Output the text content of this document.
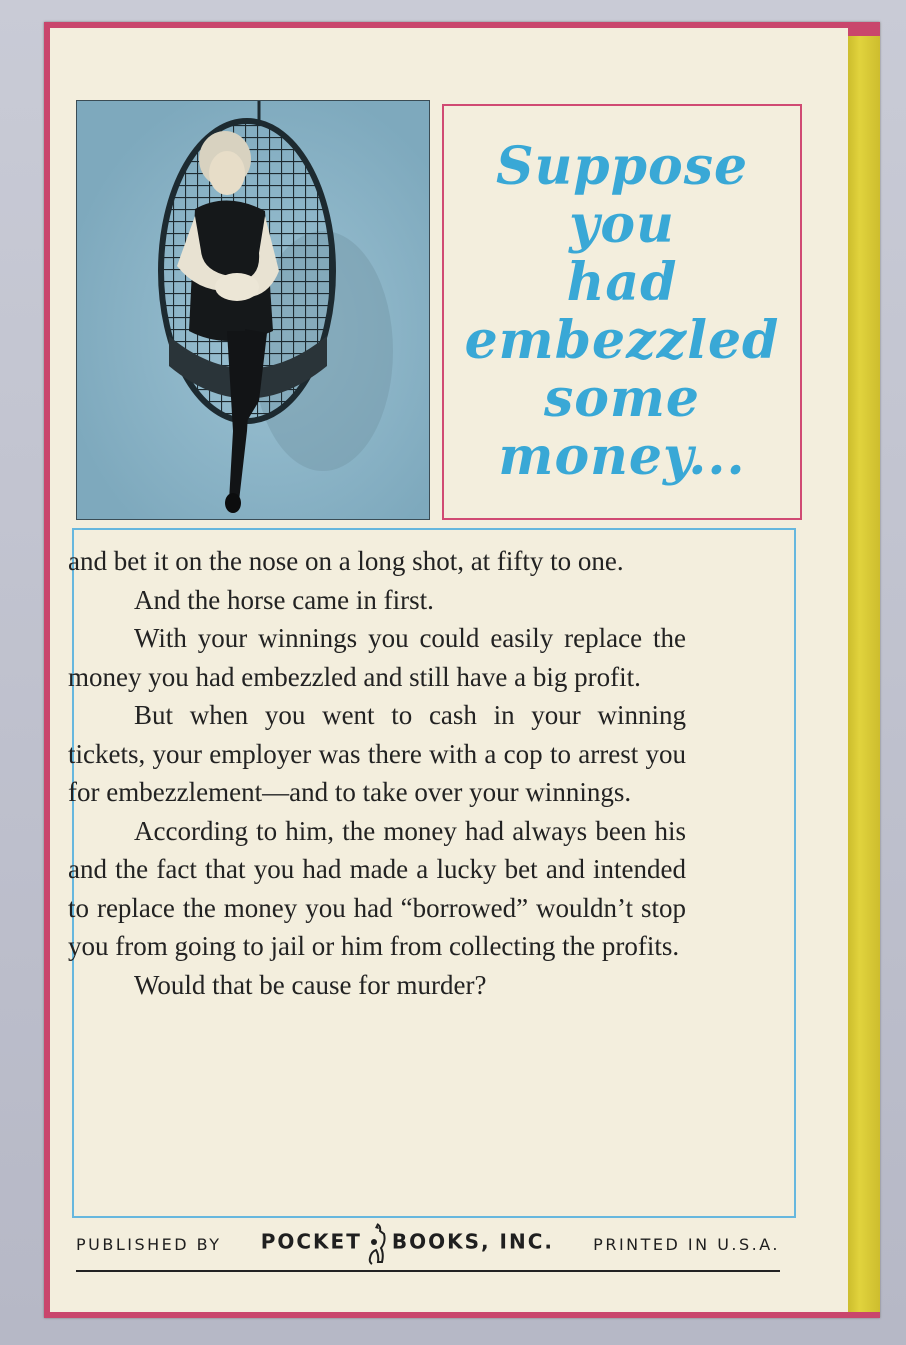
Suppose
you
had
embezzled
some
money...

and bet it on the nose on a long shot, at fifty to one.

And the horse came in first.

With your winnings you could easily replace the money you had embezzled and still have a big profit.

But when you went to cash in your winning tickets, your employer was there with a cop to arrest you for embezzlement—and to take over your winnings.

According to him, the money had always been his and the fact that you had made a lucky bet and intended to replace the money you had “borrowed” wouldn’t stop you from going to jail or him from collecting the profits.

Would that be cause for murder?

PUBLISHED BY POCKET BOOKS, INC. PRINTED IN U.S.A.
